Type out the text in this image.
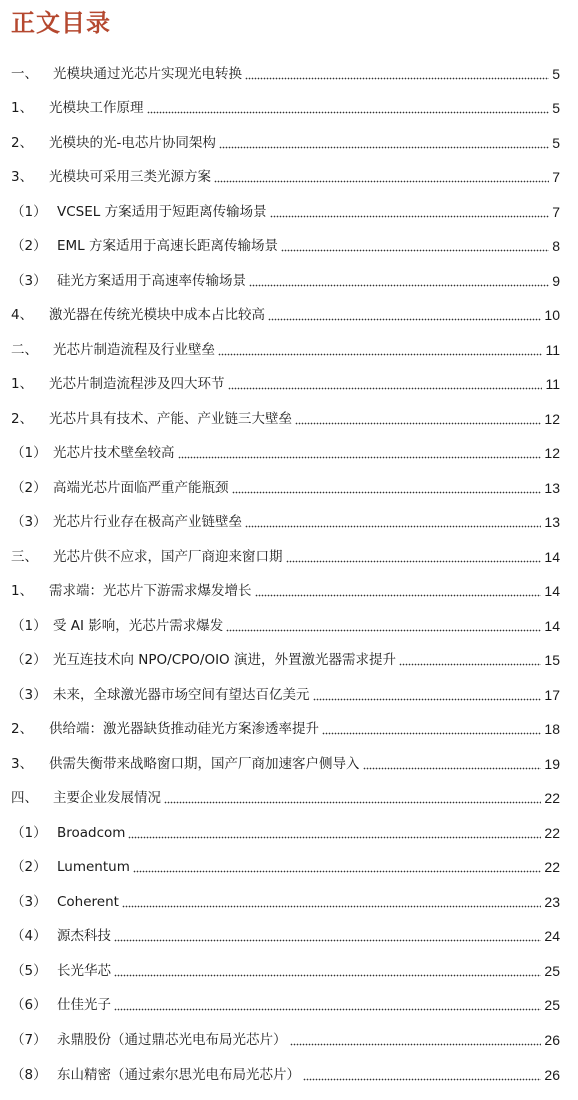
正文目录
一、	光模块通过光芯片实现光电转换	5
1、	光模块工作原理	5
2、	光模块的光-电芯片协同架构	5
3、	光模块可采用三类光源方案	7
（1） VCSEL 方案适用于短距离传输场景	7
（2） EML 方案适用于高速长距离传输场景	8
（3） 硅光方案适用于高速率传输场景	9
4、	激光器在传统光模块中成本占比较高	10
二、	光芯片制造流程及行业壁垒	11
1、	光芯片制造流程涉及四大环节	11
2、	光芯片具有技术、产能、产业链三大壁垒	12
（1） 光芯片技术壁垒较高	12
（2） 高端光芯片面临严重产能瓶颈	13
（3） 光芯片行业存在极高产业链壁垒	13
三、	光芯片供不应求，国产厂商迎来窗口期	14
1、	需求端：光芯片下游需求爆发增长	14
（1） 受 AI 影响，光芯片需求爆发	14
（2） 光互连技术向 NPO/CPO/OIO 演进，外置激光器需求提升	15
（3） 未来，全球激光器市场空间有望达百亿美元	17
2、	供给端：激光器缺货推动硅光方案渗透率提升	18
3、	供需失衡带来战略窗口期，国产厂商加速客户侧导入	19
四、	主要企业发展情况	22
（1） Broadcom	22
（2） Lumentum	22
（3） Coherent	23
（4） 源杰科技	24
（5） 长光华芯	25
（6） 仕佳光子	25
（7） 永鼎股份（通过鼎芯光电布局光芯片）	26
（8） 东山精密（通过索尔思光电布局光芯片）	26
